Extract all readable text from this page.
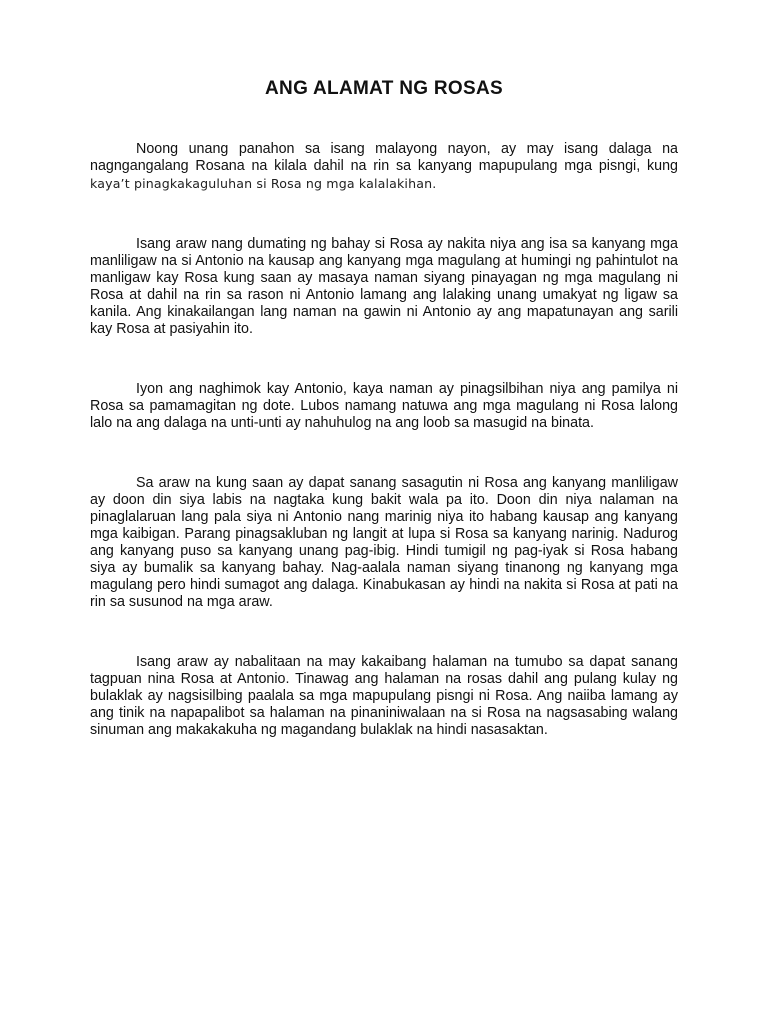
ANG ALAMAT NG ROSAS

Noong unang panahon sa isang malayong nayon, ay may isang dalaga na nagngangalang Rosana na kilala dahil na rin sa kanyang mapupulang mga pisngi, kung kaya’t pinagkakaguluhan si Rosa ng mga kalalakihan.

Isang araw nang dumating ng bahay si Rosa ay nakita niya ang isa sa kanyang mga manliligaw na si Antonio na kausap ang kanyang mga magulang at humingi ng pahintulot na manligaw kay Rosa kung saan ay masaya naman siyang pinayagan ng mga magulang ni Rosa at dahil na rin sa rason ni Antonio lamang ang lalaking unang umakyat ng ligaw sa kanila. Ang kinakailangan lang naman na gawin ni Antonio ay ang mapatunayan ang sarili kay Rosa at pasiyahin ito.

Iyon ang naghimok kay Antonio, kaya naman ay pinagsilbihan niya ang pamilya ni Rosa sa pamamagitan ng dote. Lubos namang natuwa ang mga magulang ni Rosa lalong lalo na ang dalaga na unti-unti ay nahuhulog na ang loob sa masugid na binata.

Sa araw na kung saan ay dapat sanang sasagutin ni Rosa ang kanyang manliligaw ay doon din siya labis na nagtaka kung bakit wala pa ito. Doon din niya nalaman na pinaglalaruan lang pala siya ni Antonio nang marinig niya ito habang kausap ang kanyang mga kaibigan. Parang pinagsakluban ng langit at lupa si Rosa sa kanyang narinig. Nadurog ang kanyang puso sa kanyang unang pag-ibig. Hindi tumigil ng pag-iyak si Rosa habang siya ay bumalik sa kanyang bahay. Nag-aalala naman siyang tinanong ng kanyang mga magulang pero hindi sumagot ang dalaga. Kinabukasan ay hindi na nakita si Rosa at pati na rin sa susunod na mga araw.

Isang araw ay nabalitaan na may kakaibang halaman na tumubo sa dapat sanang tagpuan nina Rosa at Antonio. Tinawag ang halaman na rosas dahil ang pulang kulay ng bulaklak ay nagsisilbing paalala sa mga mapupulang pisngi ni Rosa. Ang naiiba lamang ay ang tinik na napapalibot sa halaman na pinaniniwalaan na si Rosa na nagsasabing walang sinuman ang makakakuha ng magandang bulaklak na hindi nasasaktan.
